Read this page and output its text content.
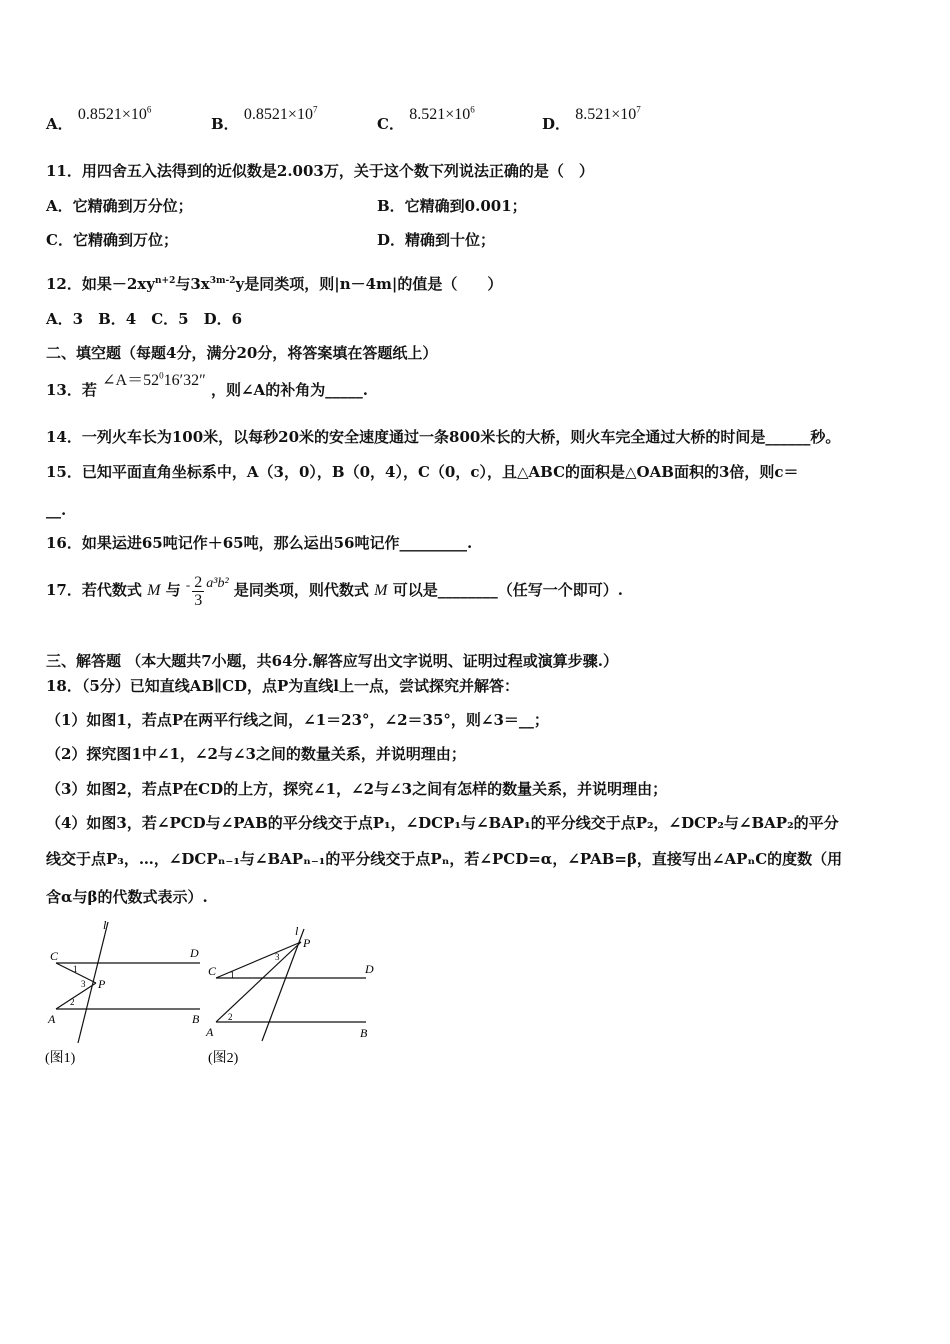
A． $0.8521\times 10^6$
B． $0.8521\times 10^7$
C． $8.521\times 10^6$
D． $8.521\times 10^7$
11．用四舍五入法得到的近似数是2.003万，关于这个数下列说法正确的是（　）
A．它精确到万分位；	B．它精确到0.001；
C．它精确到万位；	D．精确到十位；
12．如果$-2xy^{n+2}$与$3x^{3m-2}y$是同类项，则|n－4m|的值是（　　）
A．3　B．4　C．5　D．6
二、填空题（每题4分，满分20分，将答案填在答题纸上）
13．若 $\angle A=52^016'32''$ ，则∠A的补角为_____.
14．一列火车长为100米，以每秒20米的安全速度通过一条800米长的大桥，则火车完全通过大桥的时间是______秒。
15．已知平面直角坐标系中，A（3，0），B（0，4），C（0，c），且△ABC的面积是△OAB面积的3倍，则c＝
__.
16．如果运进65吨记作＋65吨，那么运出56吨记作_________.
17．若代数式 M 与 - $\frac{2}{3} a^3b^2$ 是同类项，则代数式 M 可以是________（任写一个即可）.
三、解答题 （本大题共7小题，共64分.解答应写出文字说明、证明过程或演算步骤.）
18．（5分）已知直线AB∥CD，点P为直线l上一点，尝试探究并解答：
（1）如图1，若点P在两平行线之间，∠1＝23°，∠2＝35°，则∠3＝__；
（2）探究图1中∠1，∠2与∠3之间的数量关系，并说明理由；
（3）如图2，若点P在CD的上方，探究∠1，∠2与∠3之间有怎样的数量关系，并说明理由；
（4）如图3，若∠PCD与∠PAB的平分线交于点P₁，∠DCP₁与∠BAP₁的平分线交于点P₂，∠DCP₂与∠BAP₂的平分
线交于点P₃，…，∠DCPₙ₋₁与∠BAPₙ₋₁的平分线交于点Pₙ，若∠PCD=α，∠PAB=β，直接写出∠APₙC的度数（用
含α与β的代数式表示）.
l
C	D
P
A	B
1
2
3
(图1)
l
P
C	D
A	B
1
2
3
(图2)
